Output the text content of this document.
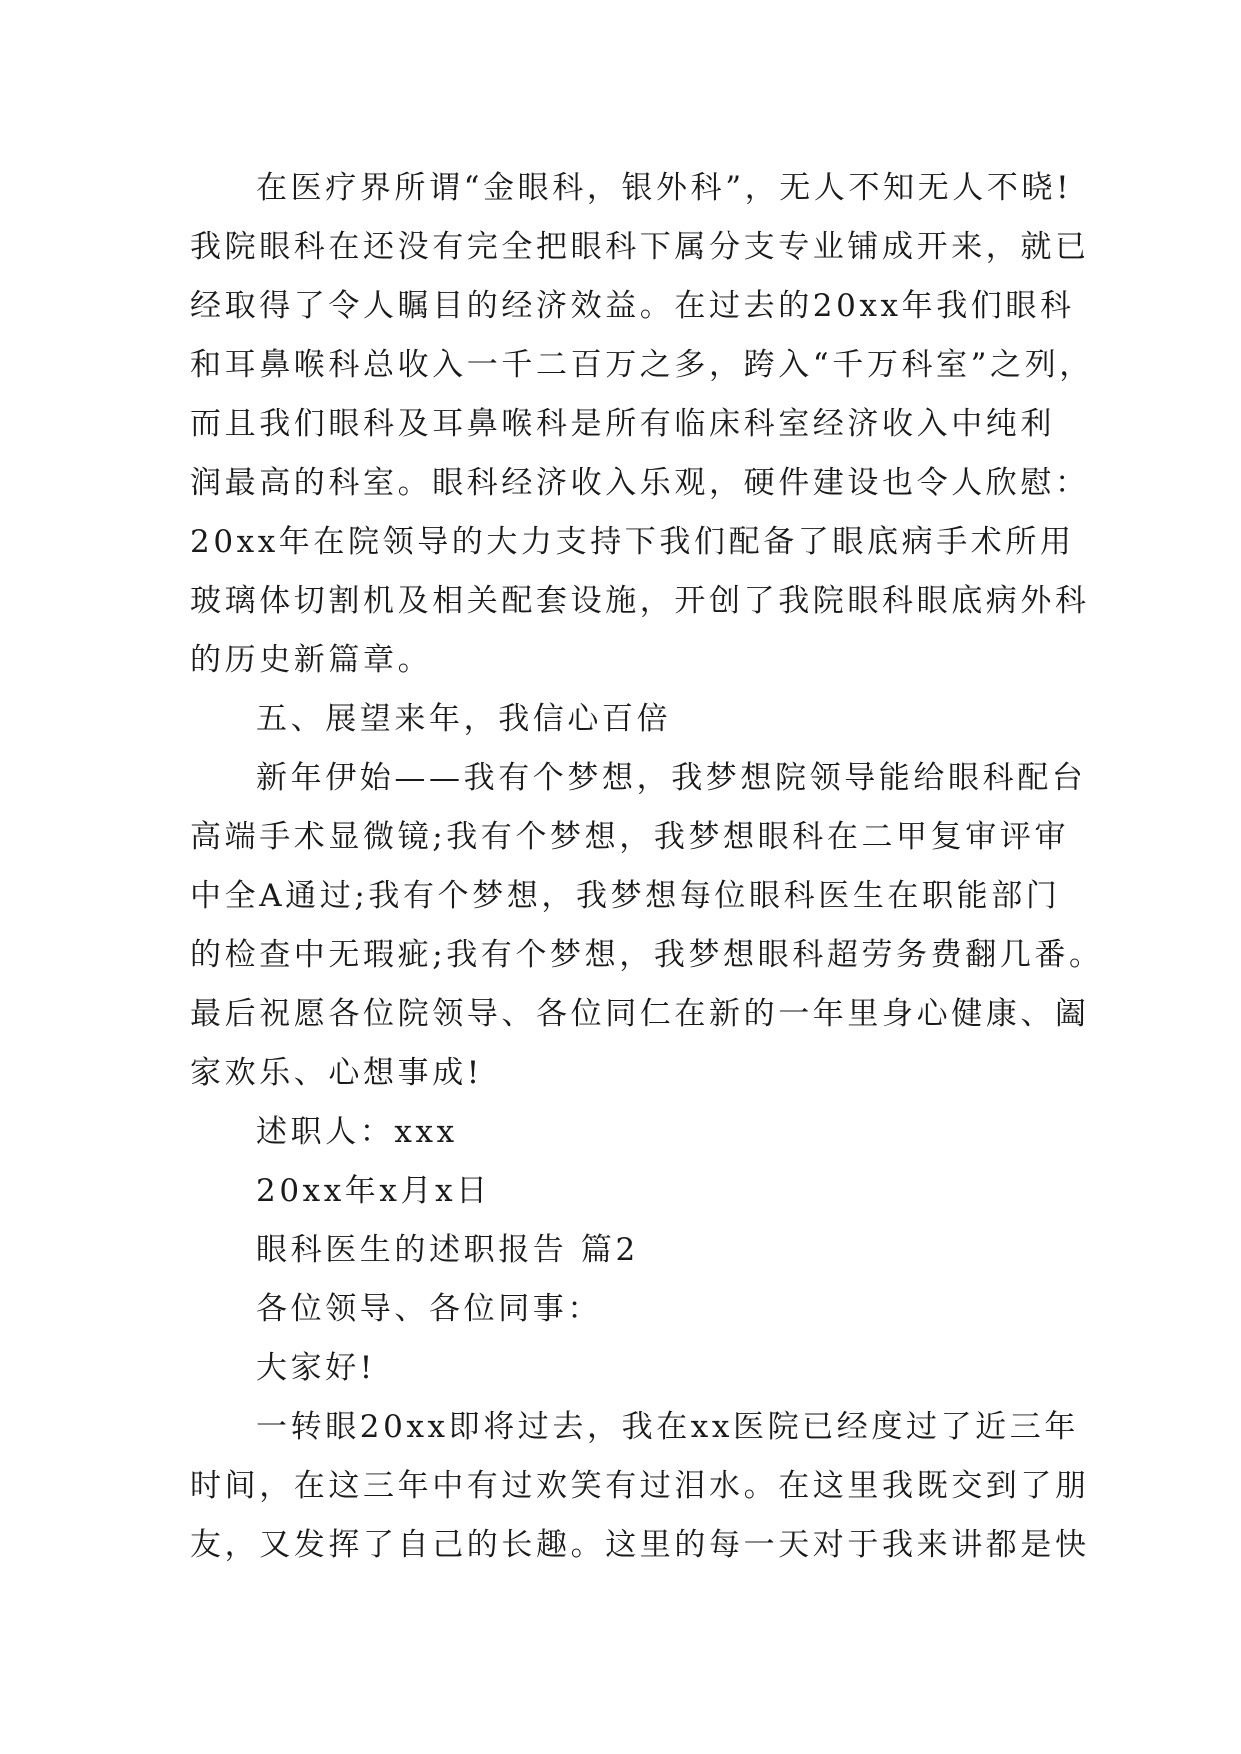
在医疗界所谓“金眼科，银外科”，无人不知无人不晓!
我院眼科在还没有完全把眼科下属分支专业铺成开来，就已
经取得了令人瞩目的经济效益。在过去的20xx年我们眼科
和耳鼻喉科总收入一千二百万之多，跨入“千万科室”之列，
而且我们眼科及耳鼻喉科是所有临床科室经济收入中纯利
润最高的科室。眼科经济收入乐观，硬件建设也令人欣慰：
20xx年在院领导的大力支持下我们配备了眼底病手术所用
玻璃体切割机及相关配套设施，开创了我院眼科眼底病外科
的历史新篇章。
五、展望来年，我信心百倍
新年伊始——我有个梦想，我梦想院领导能给眼科配台
高端手术显微镜;我有个梦想，我梦想眼科在二甲复审评审
中全A通过;我有个梦想，我梦想每位眼科医生在职能部门
的检查中无瑕疵;我有个梦想，我梦想眼科超劳务费翻几番。
最后祝愿各位院领导、各位同仁在新的一年里身心健康、阖
家欢乐、心想事成!
述职人：xxx
20xx年x月x日
眼科医生的述职报告 篇2
各位领导、各位同事：
大家好!
一转眼20xx即将过去，我在xx医院已经度过了近三年
时间，在这三年中有过欢笑有过泪水。在这里我既交到了朋
友，又发挥了自己的长趣。这里的每一天对于我来讲都是快
